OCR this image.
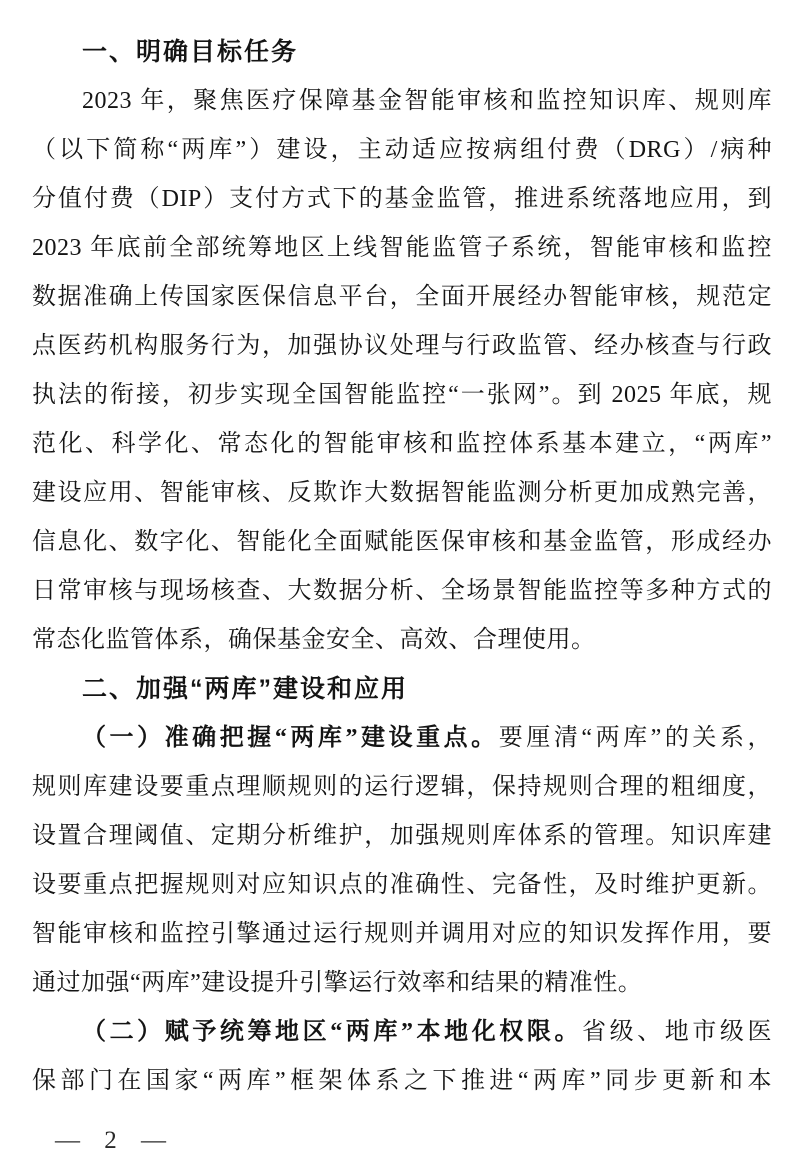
一、明确目标任务
2023 年，聚焦医疗保障基金智能审核和监控知识库、规则库
（以下简称“两库”）建设，主动适应按病组付费（DRG）/病种
分值付费（DIP）支付方式下的基金监管，推进系统落地应用，到
2023 年底前全部统筹地区上线智能监管子系统，智能审核和监控
数据准确上传国家医保信息平台，全面开展经办智能审核，规范定
点医药机构服务行为，加强协议处理与行政监管、经办核查与行政
执法的衔接，初步实现全国智能监控“一张网”。到 2025 年底，规
范化、科学化、常态化的智能审核和监控体系基本建立，“两库”
建设应用、智能审核、反欺诈大数据智能监测分析更加成熟完善，
信息化、数字化、智能化全面赋能医保审核和基金监管，形成经办
日常审核与现场核查、大数据分析、全场景智能监控等多种方式的
常态化监管体系，确保基金安全、高效、合理使用。
二、加强“两库”建设和应用
（一）准确把握“两库”建设重点。要厘清“两库”的关系，
规则库建设要重点理顺规则的运行逻辑，保持规则合理的粗细度，
设置合理阈值、定期分析维护，加强规则库体系的管理。知识库建
设要重点把握规则对应知识点的准确性、完备性，及时维护更新。
智能审核和监控引擎通过运行规则并调用对应的知识发挥作用，要
通过加强“两库”建设提升引擎运行效率和结果的精准性。
（二）赋予统筹地区“两库”本地化权限。省级、地市级医
保部门在国家“两库”框架体系之下推进“两库”同步更新和本
— 2 —
